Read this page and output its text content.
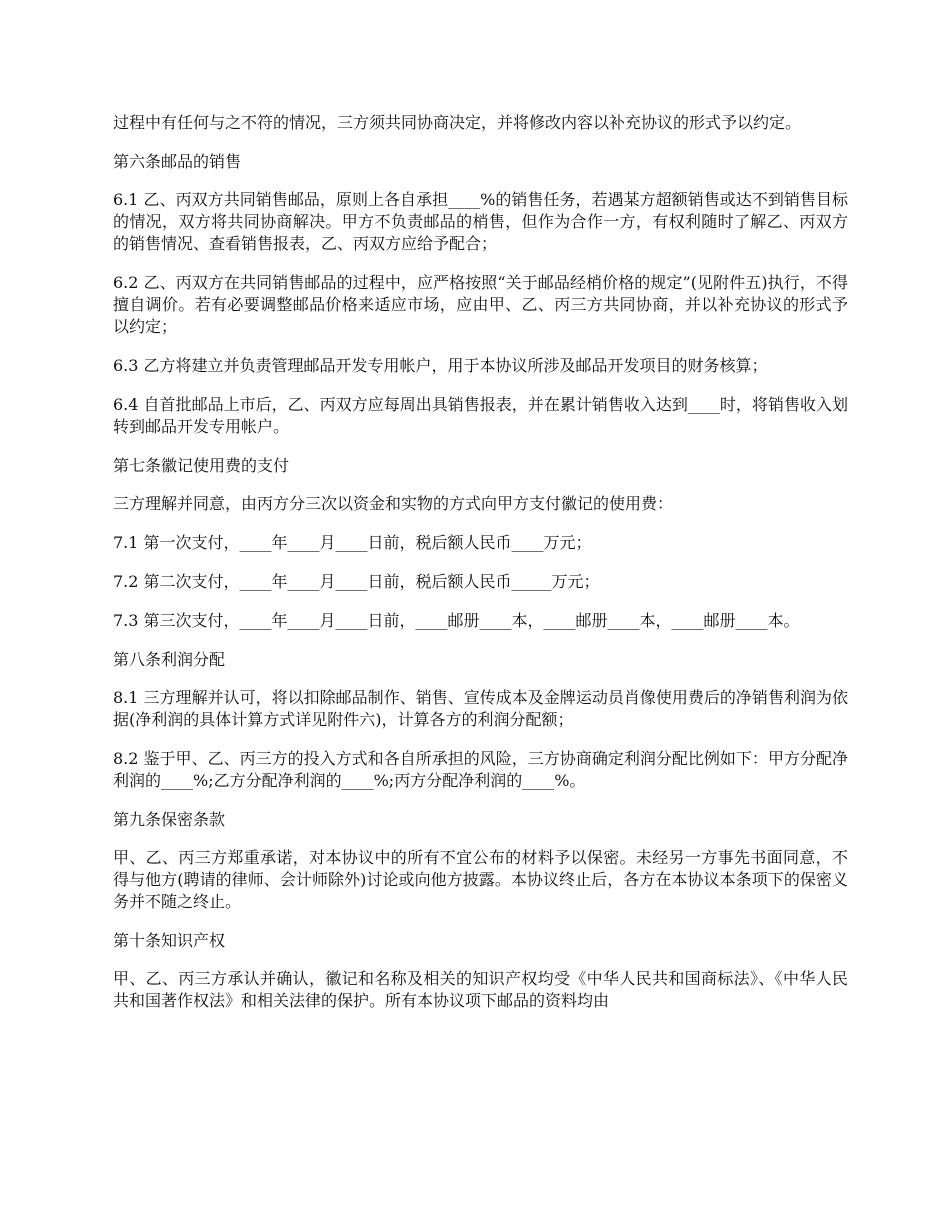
过程中有任何与之不符的情况，三方须共同协商决定，并将修改内容以补充协议的形式予以约定。

第六条邮品的销售

6.1 乙、丙双方共同销售邮品，原则上各自承担____%的销售任务，若遇某方超额销售或达不到销售目标的情况，双方将共同协商解决。甲方不负责邮品的梢售，但作为合作一方，有权利随时了解乙、丙双方的销售情况、查看销售报表，乙、丙双方应给予配合；

6.2 乙、丙双方在共同销售邮品的过程中，应严格按照“关于邮品经梢价格的规定”(见附件五)执行，不得擅自调价。若有必要调整邮品价格来适应市场，应由甲、乙、丙三方共同协商，并以补充协议的形式予以约定；

6.3 乙方将建立并负责管理邮品开发专用帐户，用于本协议所涉及邮品开发项目的财务核算；

6.4 自首批邮品上市后，乙、丙双方应每周出具销售报表，并在累计销售收入达到____时，将销售收入划转到邮品开发专用帐户。

第七条徽记使用费的支付

三方理解并同意，由丙方分三次以资金和实物的方式向甲方支付徽记的使用费：

7.1 第一次支付，____年____月____日前，税后额人民币____万元；

7.2 第二次支付，____年____月____日前，税后额人民币_____万元；

7.3 第三次支付，____年____月____日前，____邮册____本，____邮册____本，____邮册____本。

第八条利润分配

8.1 三方理解并认可，将以扣除邮品制作、销售、宣传成本及金牌运动员肖像使用费后的净销售利润为依据(净利润的具体计算方式详见附件六)，计算各方的利润分配额；

8.2 鉴于甲、乙、丙三方的投入方式和各自所承担的风险，三方协商确定利润分配比例如下：甲方分配净利润的____%;乙方分配净利润的____%;丙方分配净利润的____%。

第九条保密条款

甲、乙、丙三方郑重承诺，对本协议中的所有不宜公布的材料予以保密。未经另一方事先书面同意，不得与他方(聘请的律师、会计师除外)讨论或向他方披露。本协议终止后，各方在本协议本条项下的保密义务并不随之终止。

第十条知识产权

甲、乙、丙三方承认并确认，徽记和名称及相关的知识产权均受《中华人民共和国商标法》、《中华人民共和国著作权法》和相关法律的保护。所有本协议项下邮品的资料均由
